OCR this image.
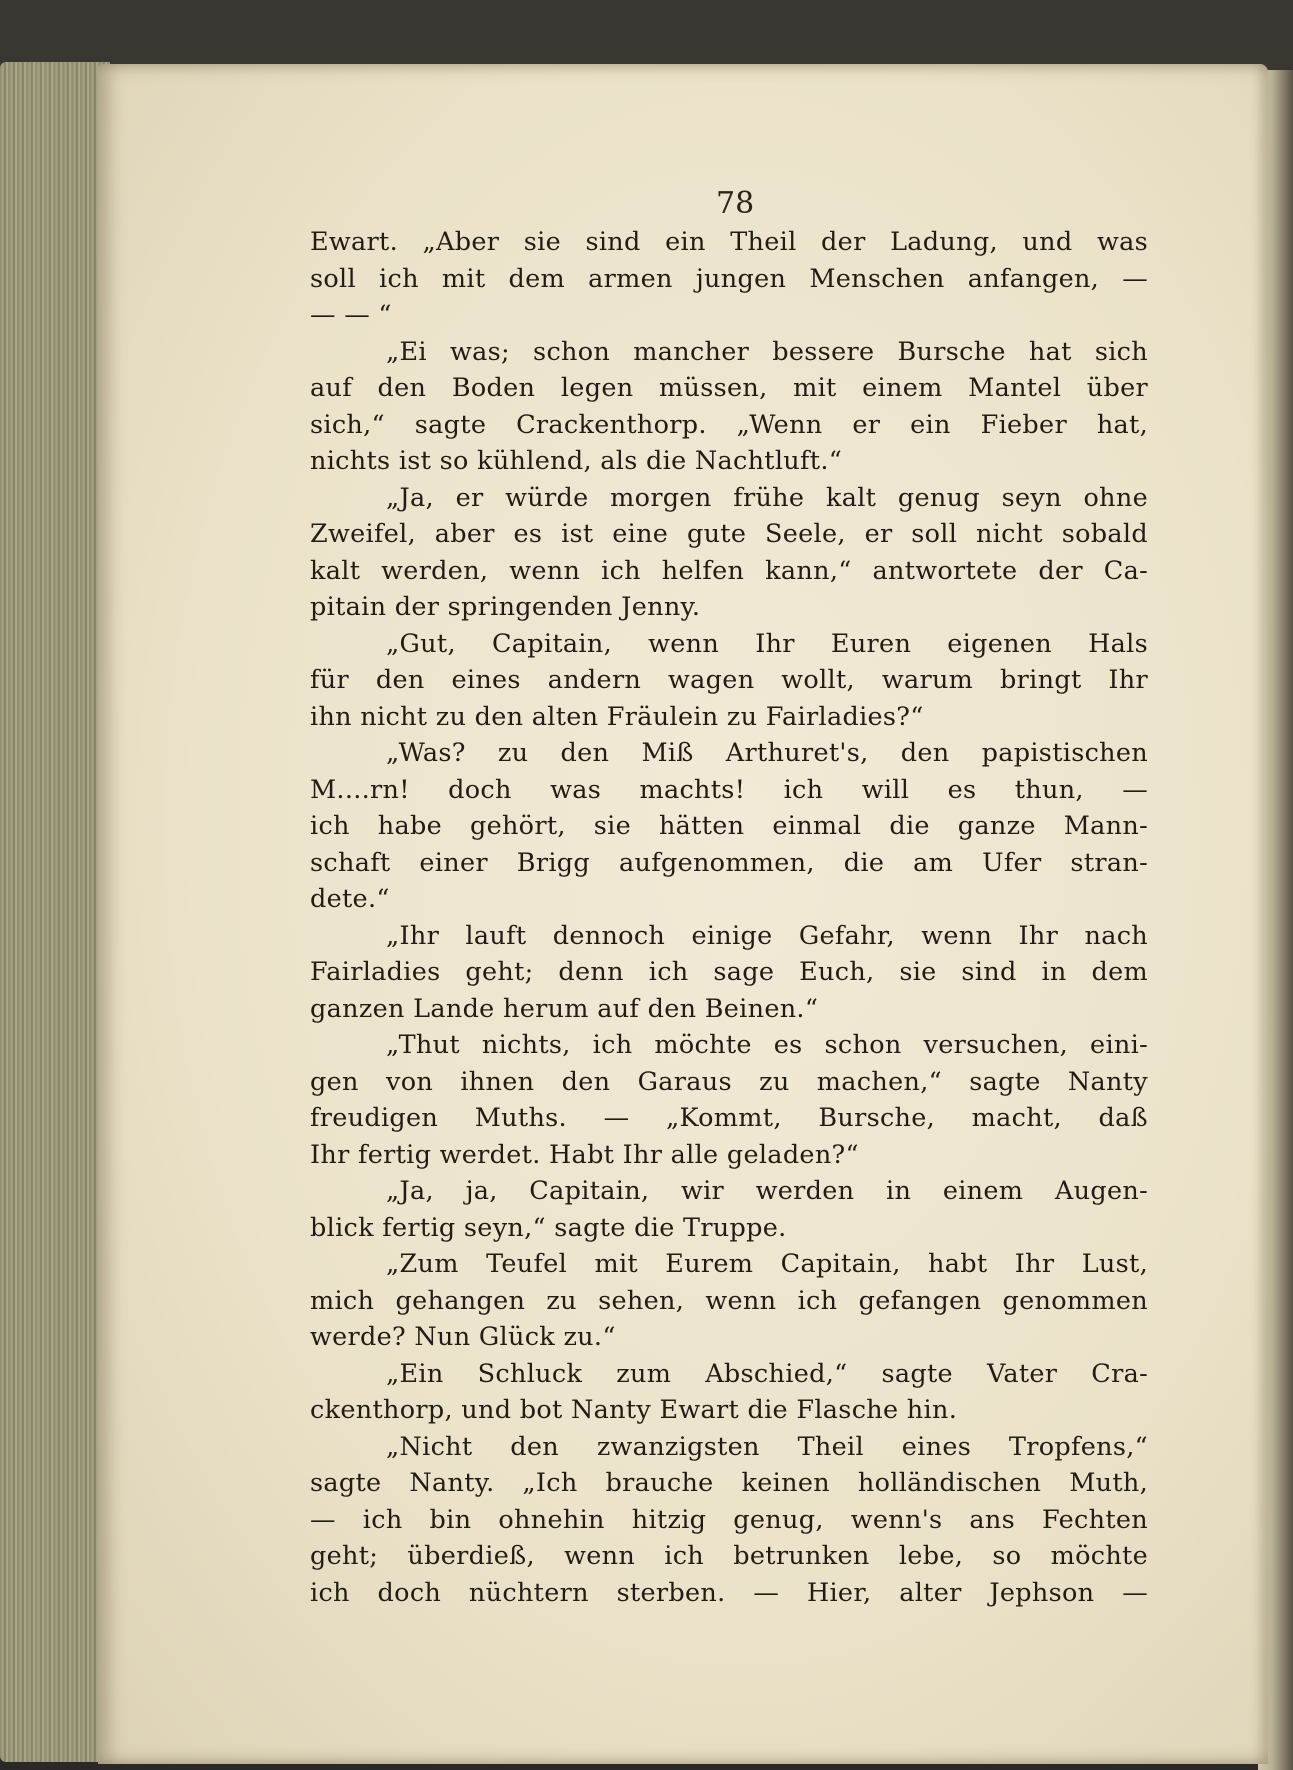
78
Ewart. „Aber sie sind ein Theil der Ladung, und was
soll ich mit dem armen jungen Menschen anfangen, —
— — “
„Ei was; schon mancher bessere Bursche hat sich
auf den Boden legen müssen, mit einem Mantel über
sich,“ sagte Crackenthorp. „Wenn er ein Fieber hat,
nichts ist so kühlend, als die Nachtluft.“
„Ja, er würde morgen frühe kalt genug seyn ohne
Zweifel, aber es ist eine gute Seele, er soll nicht sobald
kalt werden, wenn ich helfen kann,“ antwortete der Ca-
pitain der springenden Jenny.
„Gut, Capitain, wenn Ihr Euren eigenen Hals
für den eines andern wagen wollt, warum bringt Ihr
ihn nicht zu den alten Fräulein zu Fairladies?“
„Was? zu den Miß Arthuret's, den papistischen
M....rn! doch was machts! ich will es thun, —
ich habe gehört, sie hätten einmal die ganze Mann-
schaft einer Brigg aufgenommen, die am Ufer stran-
dete.“
„Ihr lauft dennoch einige Gefahr, wenn Ihr nach
Fairladies geht; denn ich sage Euch, sie sind in dem
ganzen Lande herum auf den Beinen.“
„Thut nichts, ich möchte es schon versuchen, eini-
gen von ihnen den Garaus zu machen,“ sagte Nanty
freudigen Muths. — „Kommt, Bursche, macht, daß
Ihr fertig werdet. Habt Ihr alle geladen?“
„Ja, ja, Capitain, wir werden in einem Augen-
blick fertig seyn,“ sagte die Truppe.
„Zum Teufel mit Eurem Capitain, habt Ihr Lust,
mich gehangen zu sehen, wenn ich gefangen genommen
werde? Nun Glück zu.“
„Ein Schluck zum Abschied,“ sagte Vater Cra-
ckenthorp, und bot Nanty Ewart die Flasche hin.
„Nicht den zwanzigsten Theil eines Tropfens,“
sagte Nanty. „Ich brauche keinen holländischen Muth,
— ich bin ohnehin hitzig genug, wenn's ans Fechten
geht; überdieß, wenn ich betrunken lebe, so möchte
ich doch nüchtern sterben. — Hier, alter Jephson —
